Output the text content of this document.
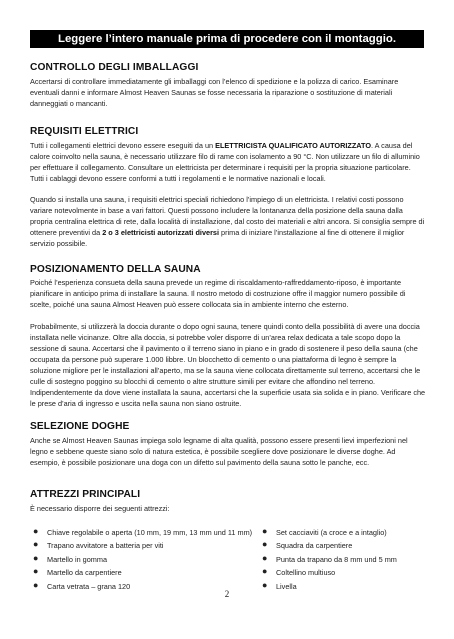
Leggere l’intero manuale prima di procedere con il montaggio.
CONTROLLO DEGLI IMBALLAGGI
Accertarsi di controllare immediatamente gli imballaggi con l’elenco di spedizione e la polizza di carico. Esaminare eventuali danni e informare Almost Heaven Saunas se fosse necessaria la riparazione o sostituzione di materiali danneggiati o mancanti.
REQUISITI ELETTRICI
Tutti i collegamenti elettrici devono essere eseguiti da un ELETTRICISTA QUALIFICATO AUTORIZZATO. A causa del calore coinvolto nella sauna, è necessario utilizzare filo di rame con isolamento a 90 °C. Non utilizzare un filo di alluminio per effettuare il collegamento. Consultare un elettricista per determinare i requisiti per la propria situazione particolare. Tutti i cablaggi devono essere conformi a tutti i regolamenti e le normative nazionali e locali.
Quando si installa una sauna, i requisiti elettrici speciali richiedono l’impiego di un elettricista. I relativi costi possono variare notevolmente in base a vari fattori. Questi possono includere la lontananza della posizione della sauna dalla propria centralina elettrica di rete, dalla località di installazione, dal costo dei materiali e altri ancora. Si consiglia sempre di ottenere preventivi da 2 o 3 elettricisti autorizzati diversi prima di iniziare l’installazione al fine di ottenere il miglior servizio possibile.
POSIZIONAMENTO DELLA SAUNA
Poiché l’esperienza consueta della sauna prevede un regime di riscaldamento-raffreddamento-riposo, è importante pianificare in anticipo prima di installare la sauna. Il nostro metodo di costruzione offre il maggior numero possibile di scelte, poiché una sauna Almost Heaven può essere collocata sia in ambiente interno che esterno.
Probabilmente, si utilizzerà la doccia durante o dopo ogni sauna, tenere quindi conto della possibilità di avere una doccia installata nelle vicinanze. Oltre alla doccia, si potrebbe voler disporre di un’area relax dedicata a tale scopo dopo la sessione di sauna. Accertarsi che il pavimento o il terreno siano in piano e in grado di sostenere il peso della sauna (che occupata da persone può superare 1.000 libbre. Un blocchetto di cemento o una piattaforma di legno è sempre la soluzione migliore per le installazioni all’aperto, ma se la sauna viene collocata direttamente sul terreno, accertarsi che le culle di sostegno poggino su blocchi di cemento o altre strutture simili per evitare che affondino nel terreno. Indipendentemente da dove viene installata la sauna, accertarsi che la superficie usata sia solida e in piano. Verificare che le prese d’aria di ingresso e uscita nella sauna non siano ostruite.
SELEZIONE DOGHE
Anche se Almost Heaven Saunas impiega solo legname di alta qualità, possono essere presenti lievi imperfezioni nel legno e sebbene queste siano solo di natura estetica, è possibile scegliere dove posizionare le diverse doghe. Ad esempio, è possibile posizionare una doga con un difetto sul pavimento della sauna sotto le panche, ecc.
ATTREZZI PRINCIPALI
È necessario disporre dei seguenti attrezzi:
● Chiave regolabile o aperta (10 mm, 19 mm, 13 mm und 11 mm)
● Trapano avvitatore a batteria per viti
● Martello in gomma
● Martello da carpentiere
● Carta vetrata – grana 120
● Set cacciaviti (a croce e a intaglio)
● Squadra da carpentiere
● Punta da trapano da 8 mm und 5 mm
● Coltellino multiuso
● Livella
2
